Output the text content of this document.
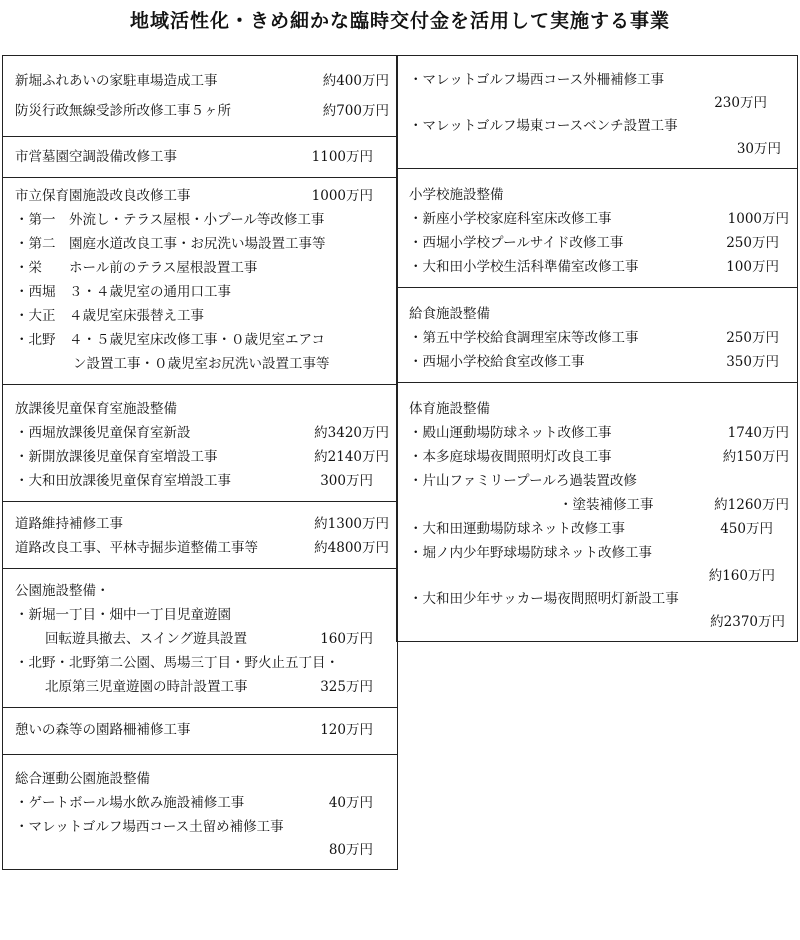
地域活性化・きめ細かな臨時交付金を活用して実施する事業
新堀ふれあいの家駐車場造成工事	約400万円
防災行政無線受診所改修工事５ヶ所	約700万円
市営墓園空調設備改修工事	1100万円
市立保育園施設改良改修工事	1000万円
・第一　外流し・テラス屋根・小プール等改修工事
・第二　園庭水道改良工事・お尻洗い場設置工事等
・栄　　ホール前のテラス屋根設置工事
・西堀　３・４歳児室の通用口工事
・大正　４歳児室床張替え工事
・北野　４・５歳児室床改修工事・０歳児室エアコ
ン設置工事・０歳児室お尻洗い設置工事等
放課後児童保育室施設整備
・西堀放課後児童保育室新設	約3420万円
・新開放課後児童保育室増設工事	約2140万円
・大和田放課後児童保育室増設工事	300万円
道路維持補修工事	約1300万円
道路改良工事、平林寺掘歩道整備工事等	約4800万円
公園施設整備・
・新堀一丁目・畑中一丁目児童遊園
回転遊具撤去、スイング遊具設置	160万円
・北野・北野第二公園、馬場三丁目・野火止五丁目・
北原第三児童遊園の時計設置工事	325万円
憩いの森等の園路柵補修工事	120万円
総合運動公園施設整備
・ゲートボール場水飲み施設補修工事	40万円
・マレットゴルフ場西コース土留め補修工事
80万円
・マレットゴルフ場西コース外柵補修工事
230万円
・マレットゴルフ場東コースベンチ設置工事
30万円
小学校施設整備
・新座小学校家庭科室床改修工事	1000万円
・西堀小学校プールサイド改修工事	250万円
・大和田小学校生活科準備室改修工事	100万円
給食施設整備
・第五中学校給食調理室床等改修工事	250万円
・西堀小学校給食室改修工事	350万円
体育施設整備
・殿山運動場防球ネット改修工事	1740万円
・本多庭球場夜間照明灯改良工事	約150万円
・片山ファミリープールろ過装置改修
・塗装補修工事	約1260万円
・大和田運動場防球ネット改修工事	450万円
・堀ノ内少年野球場防球ネット改修工事
約160万円
・大和田少年サッカー場夜間照明灯新設工事
約2370万円
